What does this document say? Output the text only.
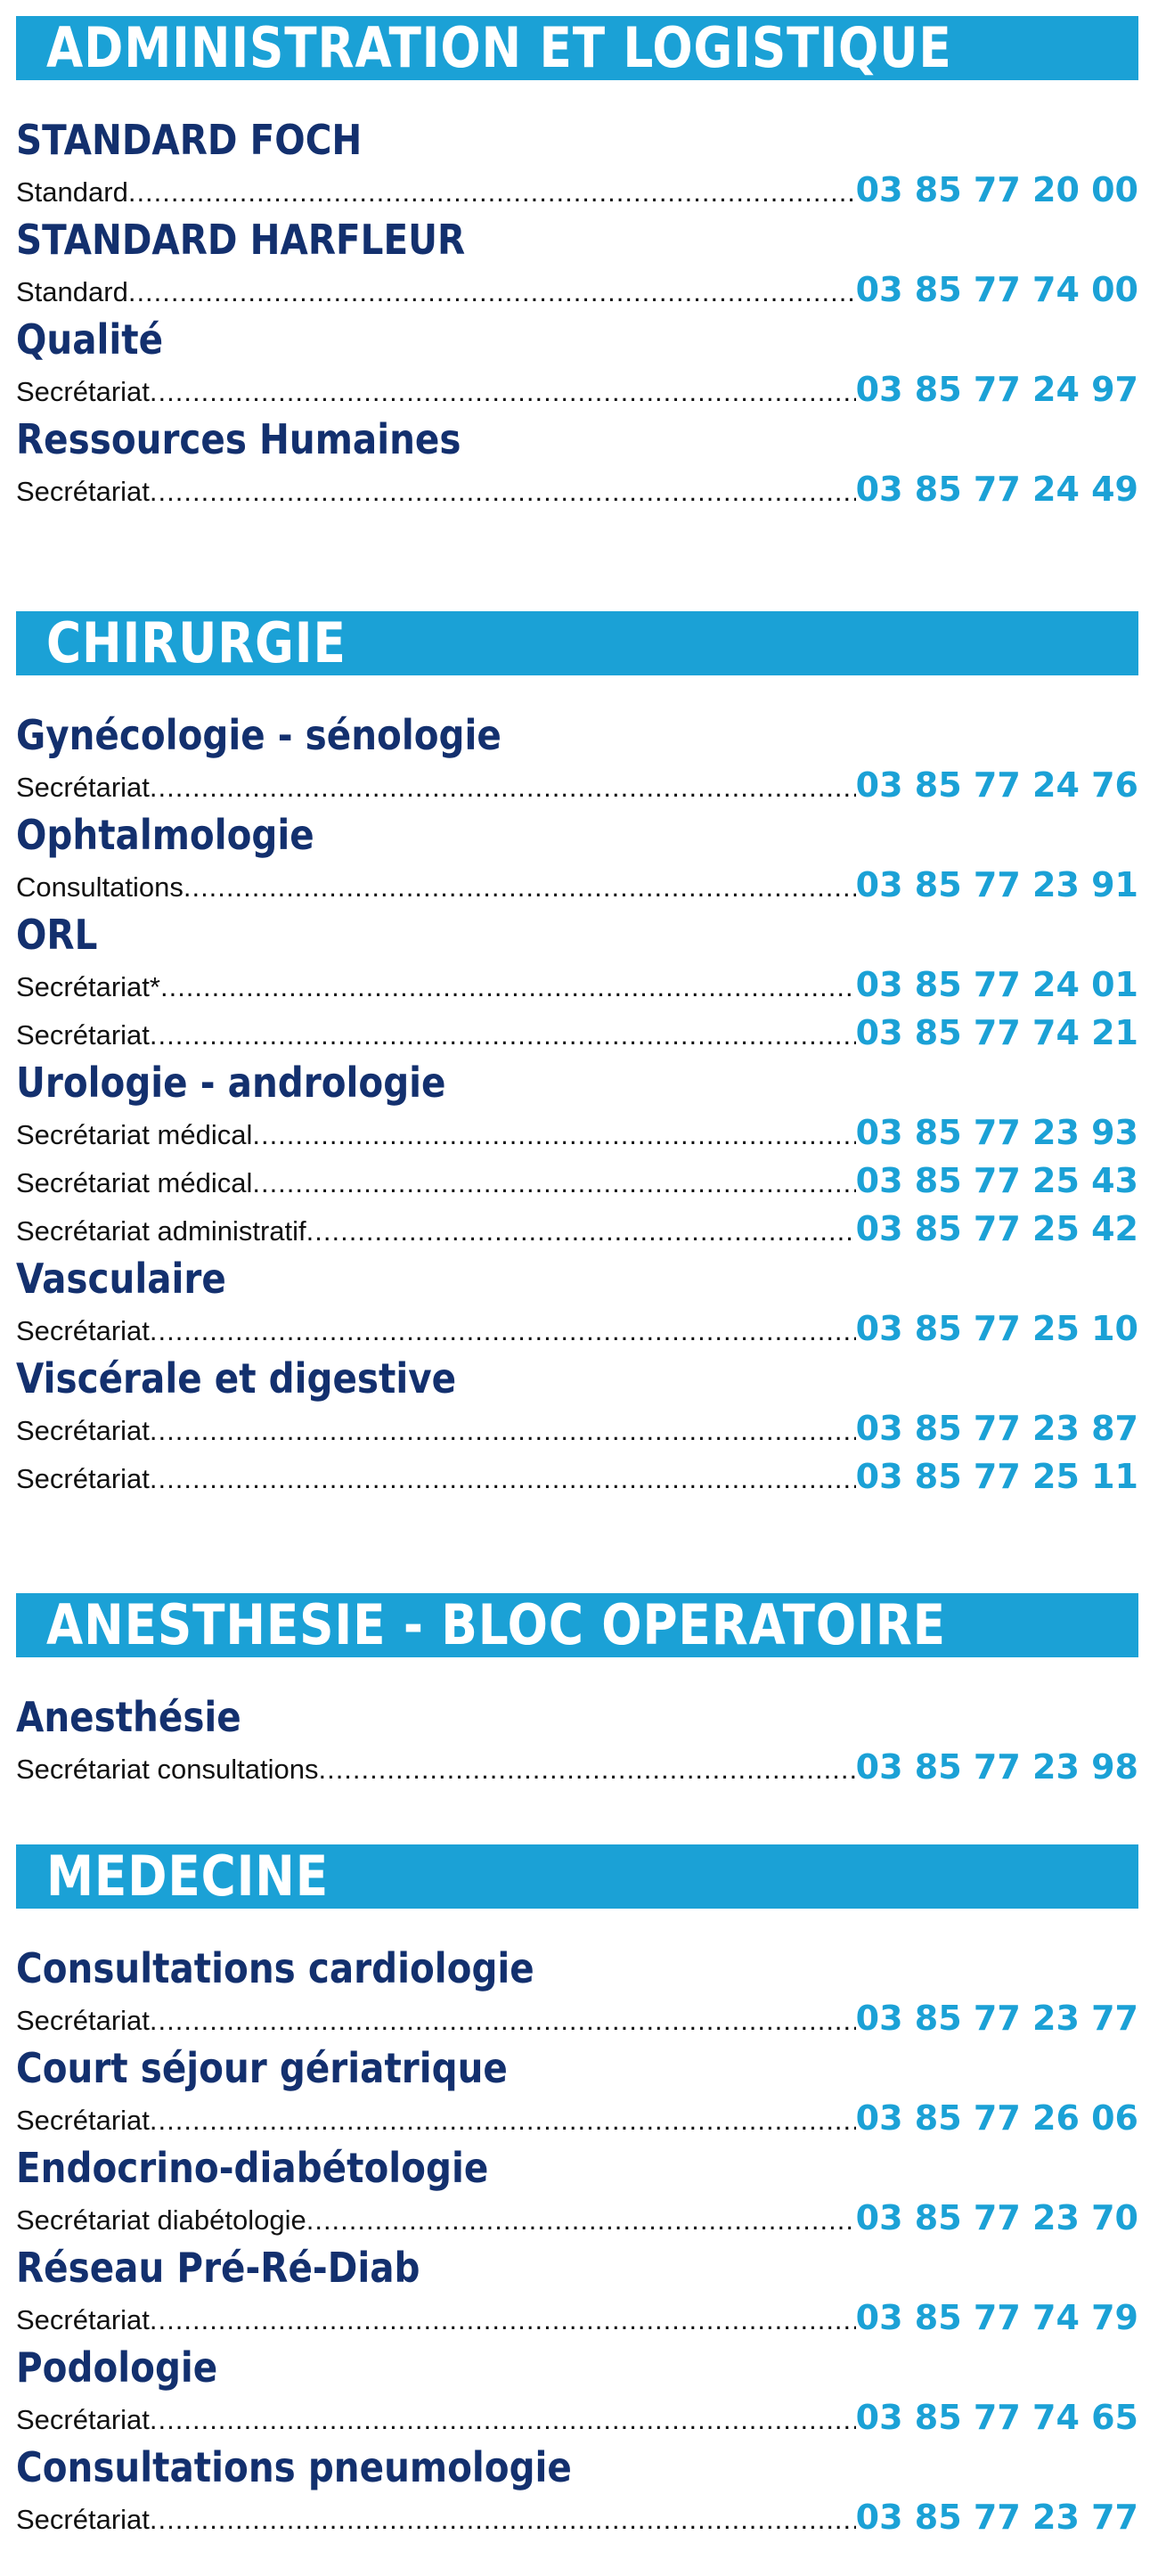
ADMINISTRATION ET LOGISTIQUE
STANDARD FOCH
Standard .....	03 85 77 20 00
STANDARD HARFLEUR
Standard .....	03 85 77 74 00
Qualité
Secrétariat .....	03 85 77 24 97
Ressources Humaines
Secrétariat .....	03 85 77 24 49
CHIRURGIE
Gynécologie - sénologie
Secrétariat .....	03 85 77 24 76
Ophtalmologie
Consultations .....	03 85 77 23 91
ORL
Secrétariat* .....	03 85 77 24 01
Secrétariat .....	03 85 77 74 21
Urologie - andrologie
Secrétariat médical .....	03 85 77 23 93
Secrétariat médical .....	03 85 77 25 43
Secrétariat administratif .....	03 85 77 25 42
Vasculaire
Secrétariat .....	03 85 77 25 10
Viscérale et digestive
Secrétariat .....	03 85 77 23 87
Secrétariat .....	03 85 77 25 11
ANESTHESIE - BLOC OPERATOIRE
Anesthésie
Secrétariat consultations .....	03 85 77 23 98
MEDECINE
Consultations cardiologie
Secrétariat .....	03 85 77 23 77
Court séjour gériatrique
Secrétariat .....	03 85 77 26 06
Endocrino-diabétologie
Secrétariat diabétologie .....	03 85 77 23 70
Réseau Pré-Ré-Diab
Secrétariat .....	03 85 77 74 79
Podologie
Secrétariat .....	03 85 77 74 65
Consultations pneumologie
Secrétariat .....	03 85 77 23 77
